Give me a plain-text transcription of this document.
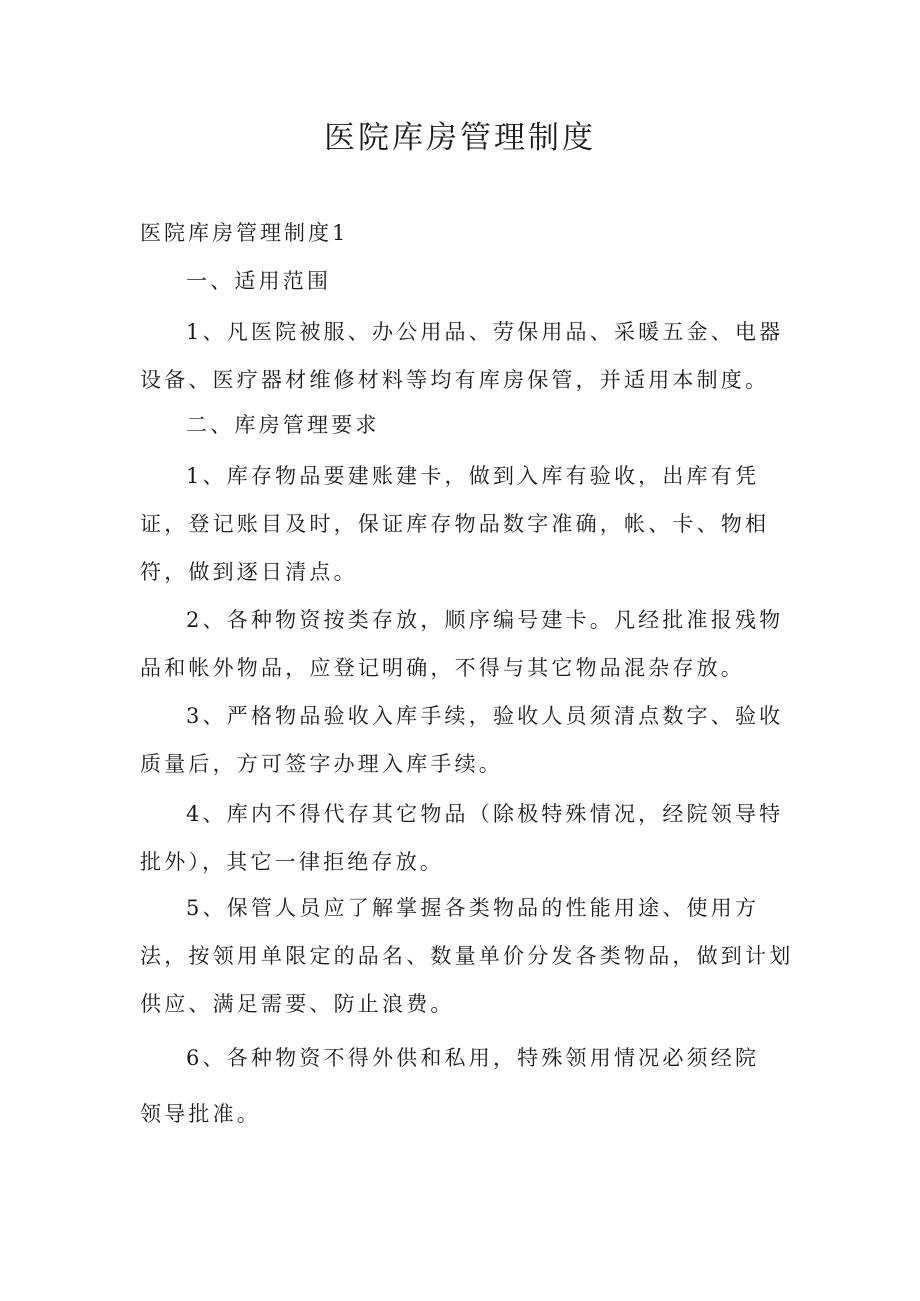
医院库房管理制度

医院库房管理制度1

一、适用范围

1、凡医院被服、办公用品、劳保用品、采暖五金、电器设备、医疗器材维修材料等均有库房保管，并适用本制度。

二、库房管理要求

1、库存物品要建账建卡，做到入库有验收，出库有凭证，登记账目及时，保证库存物品数字准确，帐、卡、物相符，做到逐日清点。

2、各种物资按类存放，顺序编号建卡。凡经批准报残物品和帐外物品，应登记明确，不得与其它物品混杂存放。

3、严格物品验收入库手续，验收人员须清点数字、验收质量后，方可签字办理入库手续。

4、库内不得代存其它物品（除极特殊情况，经院领导特批外），其它一律拒绝存放。

5、保管人员应了解掌握各类物品的性能用途、使用方法，按领用单限定的品名、数量单价分发各类物品，做到计划供应、满足需要、防止浪费。

6、各种物资不得外供和私用，特殊领用情况必须经院

领导批准。
